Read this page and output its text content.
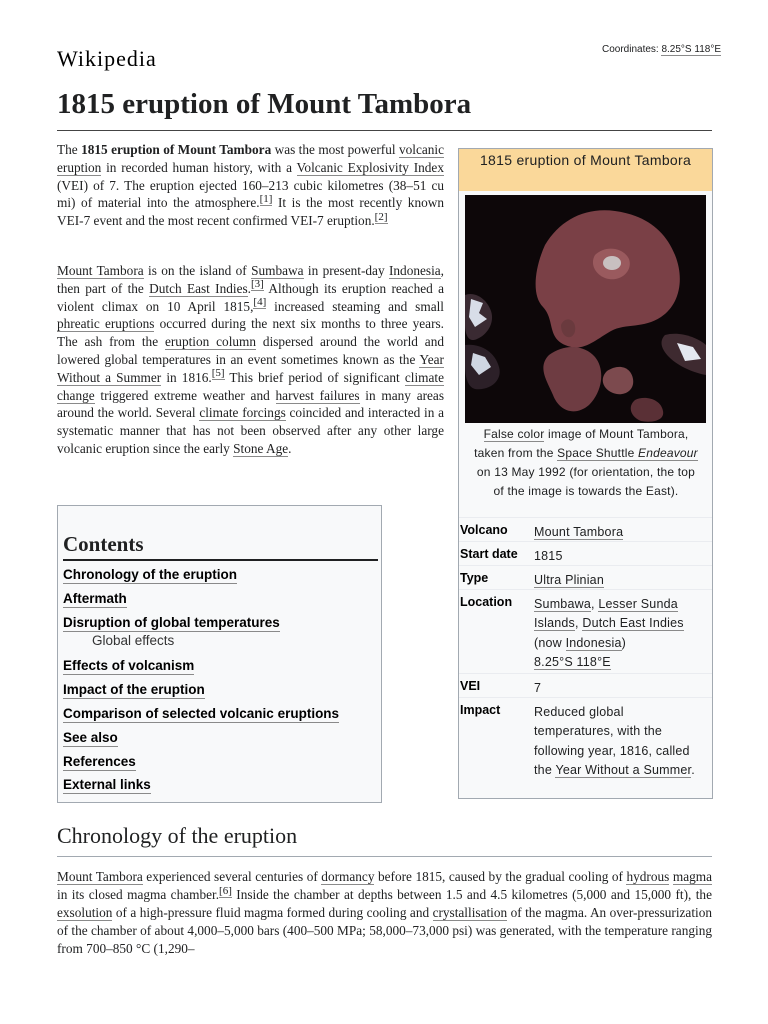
Wikipedia	Coordinates: 8.25°S 118°E
1815 eruption of Mount Tambora

The 1815 eruption of Mount Tambora was the most powerful volcanic eruption in recorded human history, with a Volcanic Explosivity Index (VEI) of 7. The eruption ejected 160–213 cubic kilometres (38–51 cu mi) of material into the atmosphere.[1] It is the most recently known VEI-7 event and the most recent confirmed VEI-7 eruption.[2]

Mount Tambora is on the island of Sumbawa in present-day Indonesia, then part of the Dutch East Indies.[3] Although its eruption reached a violent climax on 10 April 1815,[4] increased steaming and small phreatic eruptions occurred during the next six months to three years. The ash from the eruption column dispersed around the world and lowered global temperatures in an event sometimes known as the Year Without a Summer in 1816.[5] This brief period of significant climate change triggered extreme weather and harvest failures in many areas around the world. Several climate forcings coincided and interacted in a systematic manner that has not been observed after any other large volcanic eruption since the early Stone Age.

Contents
Chronology of the eruption
Aftermath
Disruption of global temperatures
Global effects
Effects of volcanism
Impact of the eruption
Comparison of selected volcanic eruptions
See also
References
External links
1815 eruption of Mount Tambora
False color image of Mount Tambora, taken from the Space Shuttle Endeavour on 13 May 1992 (for orientation, the top of the image is towards the East).
Volcano Mount Tambora
Start date 1815
Type	Ultra Plinian
Location Sumbawa, Lesser Sunda Islands, Dutch East Indies (now Indonesia)
8.25°S 118°E
VEI	7
Impact	Reduced global temperatures, with the following year, 1816, called the Year Without a Summer.
Chronology of the eruption

Mount Tambora experienced several centuries of dormancy before 1815, caused by the gradual cooling of hydrous magma in its closed magma chamber.[6] Inside the chamber at depths between 1.5 and 4.5 kilometres (5,000 and 15,000 ft), the exsolution of a high-pressure fluid magma formed during cooling and crystallisation of the magma. An over-pressurization of the chamber of about 4,000–5,000 bars (400–500 MPa; 58,000–73,000 psi) was generated, with the temperature ranging from 700–850 °C (1,290–
